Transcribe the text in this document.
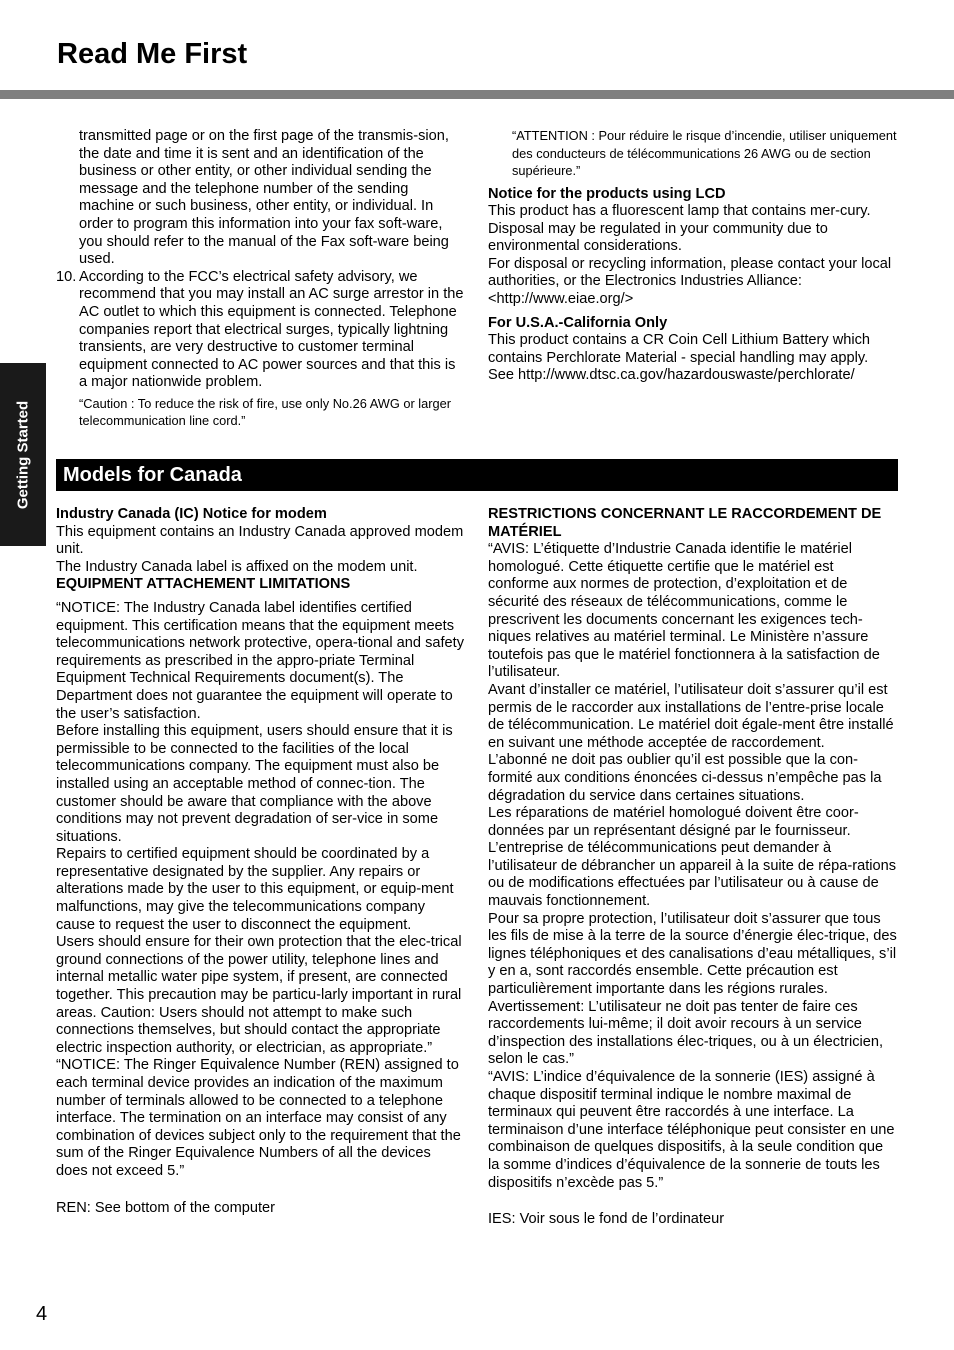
Read Me First
Getting Started

transmitted page or on the first page of the transmis-sion, the date and time it is sent and an identification of the business or other entity, or other individual sending the message and the telephone number of the sending machine or such business, other entity, or individual. In order to program this information into your fax soft-ware, you should refer to the manual of the Fax soft-ware being used.

10. According to the FCC’s electrical safety advisory, we recommend that you may install an AC surge arrestor in the AC outlet to which this equipment is connected. Telephone companies report that electrical surges, typically lightning transients, are very destructive to customer terminal equipment connected to AC power sources and that this is a major nationwide problem.

“Caution : To reduce the risk of fire, use only No.26 AWG or larger telecommunication line cord.”

“ATTENTION : Pour réduire le risque d’incendie, utiliser uniquement des conducteurs de télécommunications 26 AWG ou de section supérieure.”

Notice for the products using LCD

This product has a fluorescent lamp that contains mer-cury. Disposal may be regulated in your community due to environmental considerations.

For disposal or recycling information, please contact your local authorities, or the Electronics Industries Alliance: <http://www.eiae.org/>

For U.S.A.-California Only

This product contains a CR Coin Cell Lithium Battery which contains Perchlorate Material - special handling may apply.

See http://www.dtsc.ca.gov/hazardouswaste/perchlorate/

Models for Canada

Industry Canada (IC) Notice for modem

This equipment contains an Industry Canada approved modem unit.

The Industry Canada label is affixed on the modem unit.

EQUIPMENT ATTACHEMENT LIMITATIONS

“NOTICE: The Industry Canada label identifies certified equipment. This certification means that the equipment meets telecommunications network protective, opera-tional and safety requirements as prescribed in the appro-priate Terminal Equipment Technical Requirements document(s). The Department does not guarantee the equipment will operate to the user’s satisfaction.

Before installing this equipment, users should ensure that it is permissible to be connected to the facilities of the local telecommunications company. The equipment must also be installed using an acceptable method of connec-tion. The customer should be aware that compliance with the above conditions may not prevent degradation of ser-vice in some situations.

Repairs to certified equipment should be coordinated by a representative designated by the supplier. Any repairs or alterations made by the user to this equipment, or equip-ment malfunctions, may give the telecommunications company cause to request the user to disconnect the equipment.

Users should ensure for their own protection that the elec-trical ground connections of the power utility, telephone lines and internal metallic water pipe system, if present, are connected together. This precaution may be particu-larly important in rural areas. Caution: Users should not attempt to make such connections themselves, but should contact the appropriate electric inspection authority, or electrician, as appropriate.”

“NOTICE: The Ringer Equivalence Number (REN) assigned to each terminal device provides an indication of the maximum number of terminals allowed to be connected to a telephone interface. The termination on an interface may consist of any combination of devices subject only to the requirement that the sum of the Ringer Equivalence Numbers of all the devices does not exceed 5.”

REN: See bottom of the computer

RESTRICTIONS CONCERNANT LE RACCORDEMENT DE MATÉRIEL

“AVIS: L’étiquette d’Industrie Canada identifie le matériel homologué. Cette étiquette certifie que le matériel est conforme aux normes de protection, d’exploitation et de sécurité des réseaux de télécommunications, comme le prescrivent les documents concernant les exigences tech-niques relatives au matériel terminal. Le Ministère n’assure toutefois pas que le matériel fonctionnera à la satisfaction de l’utilisateur.

Avant d’installer ce matériel, l’utilisateur doit s’assurer qu’il est permis de le raccorder aux installations de l’entre-prise locale de télécommunication. Le matériel doit égale-ment être installé en suivant une méthode acceptée de raccordement.

L’abonné ne doit pas oublier qu’il est possible que la con-formité aux conditions énoncées ci-dessus n’empêche pas la dégradation du service dans certaines situations.

Les réparations de matériel homologué doivent être coor-données par un représentant désigné par le fournisseur. L’entreprise de télécommunications peut demander à l’utilisateur de débrancher un appareil à la suite de répa-rations ou de modifications effectuées par l’utilisateur ou à cause de mauvais fonctionnement.

Pour sa propre protection, l’utilisateur doit s’assurer que tous les fils de mise à la terre de la source d’énergie élec-trique, des lignes téléphoniques et des canalisations d’eau métalliques, s’il y en a, sont raccordés ensemble. Cette précaution est particulièrement importante dans les régions rurales. Avertissement: L’utilisateur ne doit pas tenter de faire ces raccordements lui-même; il doit avoir recours à un service d’inspection des installations élec-triques, ou à un électricien, selon le cas.”

“AVIS: L’indice d’équivalence de la sonnerie (IES) assigné à chaque dispositif terminal indique le nombre maximal de terminaux qui peuvent être raccordés à une interface. La terminaison d’une interface téléphonique peut consister en une combinaison de quelques dispositifs, à la seule condition que la somme d’indices d’équivalence de la sonnerie de touts les dispositifs n’excède pas 5.”

IES: Voir sous le fond de l’ordinateur

4
